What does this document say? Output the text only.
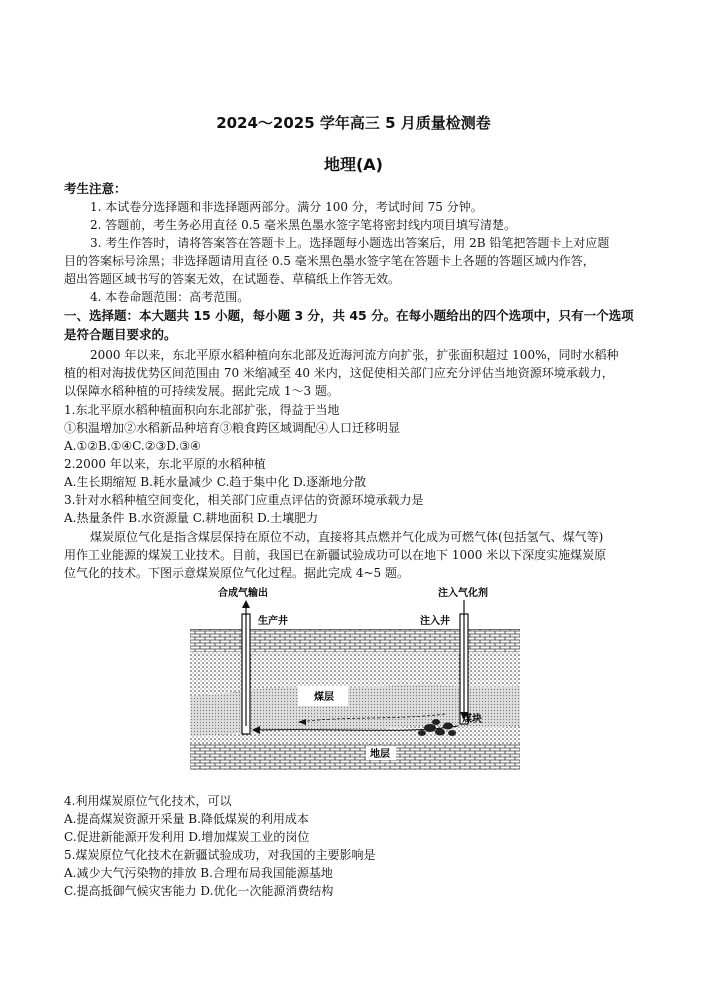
2024～2025 学年高三 5 月质量检测卷
地理(A)
考生注意：
1. 本试卷分选择题和非选择题两部分。满分 100 分，考试时间 75 分钟。
2. 答题前，考生务必用直径 0.5 毫米黑色墨水签字笔将密封线内项目填写清楚。
3. 考生作答时，请将答案答在答题卡上。选择题每小题选出答案后，用 2B 铅笔把答题卡上对应题
目的答案标号涂黑；非选择题请用直径 0.5 毫米黑色墨水签字笔在答题卡上各题的答题区域内作答，
超出答题区域书写的答案无效，在试题卷、草稿纸上作答无效。
4. 本卷命题范围：高考范围。
一、选择题：本大题共 15 小题，每小题 3 分，共 45 分。在每小题给出的四个选项中，只有一个选项
是符合题目要求的。
2000 年以来，东北平原水稻种植向东北部及近海河流方向扩张，扩张面积超过 100%，同时水稻种
植的相对海拔优势区间范围由 70 米缩减至 40 米内，这促使相关部门应充分评估当地资源环境承载力，
以保障水稻种植的可持续发展。据此完成 1～3 题。
1.东北平原水稻种植面积向东北部扩张，得益于当地
①积温增加②水稻新品种培育③粮食跨区域调配④人口迁移明显
A.①②B.①④C.②③D.③④
2.2000 年以来，东北平原的水稻种植
A.生长期缩短 B.耗水量减少 C.趋于集中化 D.逐渐地分散
3.针对水稻种植空间变化，相关部门应重点评估的资源环境承载力是
A.热量条件 B.水资源量 C.耕地面积 D.土壤肥力
煤炭原位气化是指含煤层保持在原位不动，直接将其点燃并气化成为可燃气体(包括氢气、煤气等)
用作工业能源的煤炭工业技术。目前，我国已在新疆试验成功可以在地下 1000 米以下深度实施煤炭原
位气化的技术。下图示意煤炭原位气化过程。据此完成 4~5 题。
合成气输出
生产井
注入气化剂
注入井
煤层
煤块
地层
4.利用煤炭原位气化技术，可以
A.提高煤炭资源开采量 B.降低煤炭的利用成本
C.促进新能源开发利用 D.增加煤炭工业的岗位
5.煤炭原位气化技术在新疆试验成功，对我国的主要影响是
A.减少大气污染物的排放 B.合理布局我国能源基地
C.提高抵御气候灾害能力 D.优化一次能源消费结构
